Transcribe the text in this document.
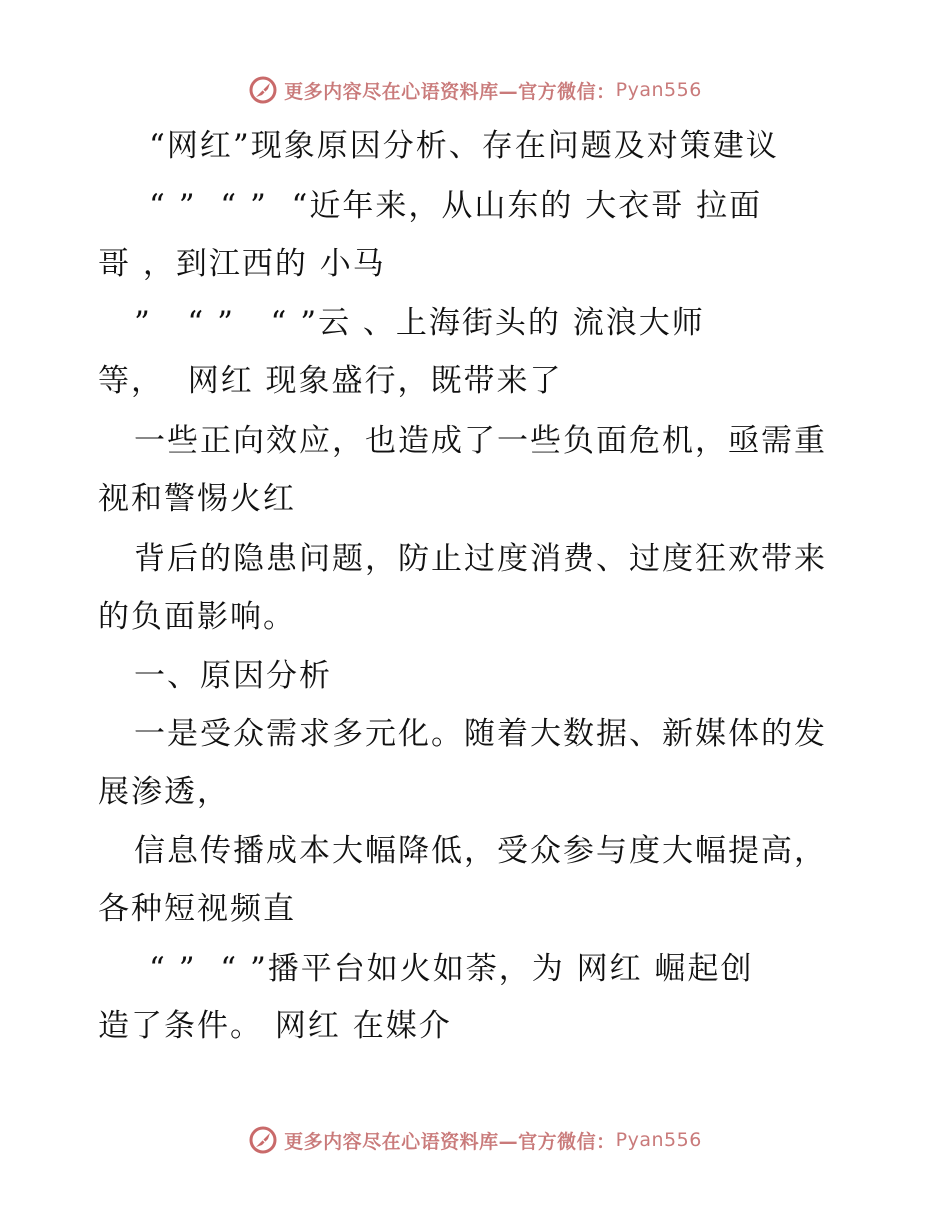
更多内容尽在心语资料库—官方微信： Pyan556
“网红”现象原因分析、存在问题及对策建议
“ ”  “ ”  “近年来，从山东的 大衣哥 拉面
哥 ，到江西的 小马
”   “ ”   “ ”云 、上海街头的 流浪大师
等，  网红 现象盛行，既带来了
一些正向效应，也造成了一些负面危机，亟需重
视和警惕火红
背后的隐患问题，防止过度消费、过度狂欢带来
的负面影响。
一、原因分析
一是受众需求多元化。随着大数据、新媒体的发
展渗透，
信息传播成本大幅降低，受众参与度大幅提高，
各种短视频直
“ ”  “ ”播平台如火如荼，为 网红 崛起创
造了条件。 网红 在媒介
更多内容尽在心语资料库—官方微信： Pyan556
